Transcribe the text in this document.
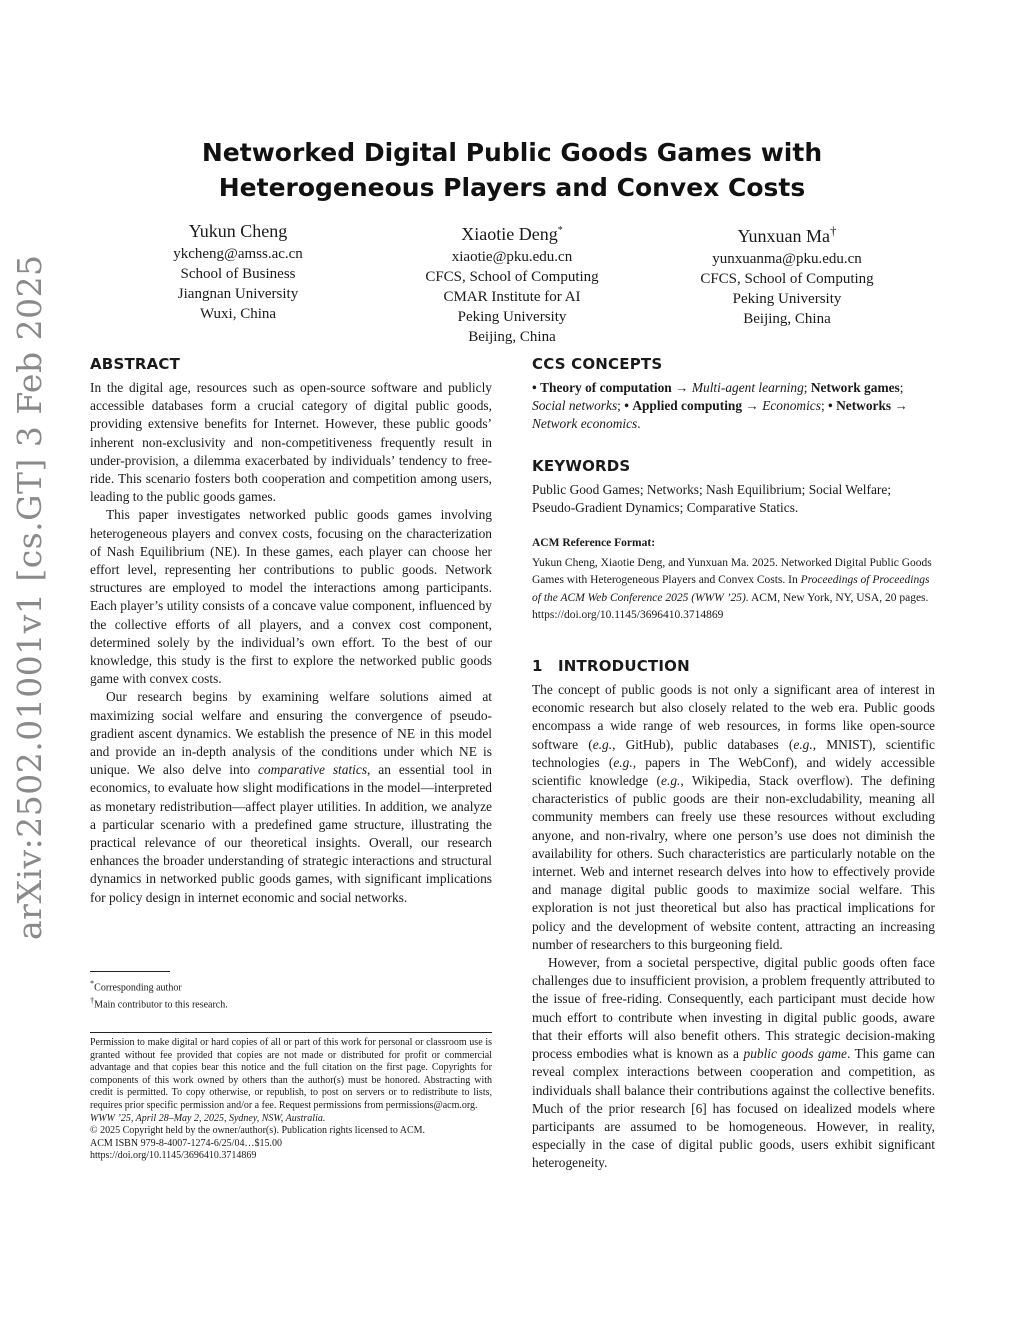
arXiv:2502.01001v1 [cs.GT] 3 Feb 2025
Networked Digital Public Goods Games with
Heterogeneous Players and Convex Costs
Yukun Cheng
ykcheng@amss.ac.cn
School of Business
Jiangnan University
Wuxi, China
Xiaotie Deng*
xiaotie@pku.edu.cn
CFCS, School of Computing
CMAR Institute for AI
Peking University
Beijing, China
Yunxuan Ma†
yunxuanma@pku.edu.cn
CFCS, School of Computing
Peking University
Beijing, China
ABSTRACT

In the digital age, resources such as open-source software and publicly accessible databases form a crucial category of digital public goods, providing extensive benefits for Internet. However, these public goods’ inherent non-exclusivity and non-competitiveness frequently result in under-provision, a dilemma exacerbated by individuals’ tendency to free-ride. This scenario fosters both cooperation and competition among users, leading to the public goods games.

This paper investigates networked public goods games involving heterogeneous players and convex costs, focusing on the characterization of Nash Equilibrium (NE). In these games, each player can choose her effort level, representing her contributions to public goods. Network structures are employed to model the interactions among participants. Each player’s utility consists of a concave value component, influenced by the collective efforts of all players, and a convex cost component, determined solely by the individual’s own effort. To the best of our knowledge, this study is the first to explore the networked public goods game with convex costs.

Our research begins by examining welfare solutions aimed at maximizing social welfare and ensuring the convergence of pseudo-gradient ascent dynamics. We establish the presence of NE in this model and provide an in-depth analysis of the conditions under which NE is unique. We also delve into comparative statics, an essential tool in economics, to evaluate how slight modifications in the model—interpreted as monetary redistribution—affect player utilities. In addition, we analyze a particular scenario with a predefined game structure, illustrating the practical relevance of our theoretical insights. Overall, our research enhances the broader understanding of strategic interactions and structural dynamics in networked public goods games, with significant implications for policy design in internet economic and social networks.

*Corresponding author
†Main contributor to this research.

Permission to make digital or hard copies of all or part of this work for personal or classroom use is granted without fee provided that copies are not made or distributed for profit or commercial advantage and that copies bear this notice and the full citation on the first page. Copyrights for components of this work owned by others than the author(s) must be honored. Abstracting with credit is permitted. To copy otherwise, or republish, to post on servers or to redistribute to lists, requires prior specific permission and/or a fee. Request permissions from permissions@acm.org.

WWW ’25, April 28–May 2, 2025, Sydney, NSW, Australia.

© 2025 Copyright held by the owner/author(s). Publication rights licensed to ACM.

ACM ISBN 979-8-4007-1274-6/25/04…$15.00

https://doi.org/10.1145/3696410.3714869

CCS CONCEPTS

• Theory of computation → Multi-agent learning; Network games; Social networks; • Applied computing → Economics; • Networks → Network economics.

KEYWORDS

Public Good Games; Networks; Nash Equilibrium; Social Welfare; Pseudo-Gradient Dynamics; Comparative Statics.

ACM Reference Format:

Yukun Cheng, Xiaotie Deng, and Yunxuan Ma. 2025. Networked Digital Public Goods Games with Heterogeneous Players and Convex Costs. In Proceedings of Proceedings of the ACM Web Conference 2025 (WWW ’25). ACM, New York, NY, USA, 20 pages. https://doi.org/10.1145/3696410.3714869

1 INTRODUCTION

The concept of public goods is not only a significant area of interest in economic research but also closely related to the web era. Public goods encompass a wide range of web resources, in forms like open-source software (e.g., GitHub), public databases (e.g., MNIST), scientific technologies (e.g., papers in The WebConf), and widely accessible scientific knowledge (e.g., Wikipedia, Stack overflow). The defining characteristics of public goods are their non-excludability, meaning all community members can freely use these resources without excluding anyone, and non-rivalry, where one person’s use does not diminish the availability for others. Such characteristics are particularly notable on the internet. Web and internet research delves into how to effectively provide and manage digital public goods to maximize social welfare. This exploration is not just theoretical but also has practical implications for policy and the development of website content, attracting an increasing number of researchers to this burgeoning field.

However, from a societal perspective, digital public goods often face challenges due to insufficient provision, a problem frequently attributed to the issue of free-riding. Consequently, each participant must decide how much effort to contribute when investing in digital public goods, aware that their efforts will also benefit others. This strategic decision-making process embodies what is known as a public goods game. This game can reveal complex interactions between cooperation and competition, as individuals shall balance their contributions against the collective benefits. Much of the prior research [6] has focused on idealized models where participants are assumed to be homogeneous. However, in reality, especially in the case of digital public goods, users exhibit significant heterogeneity.
